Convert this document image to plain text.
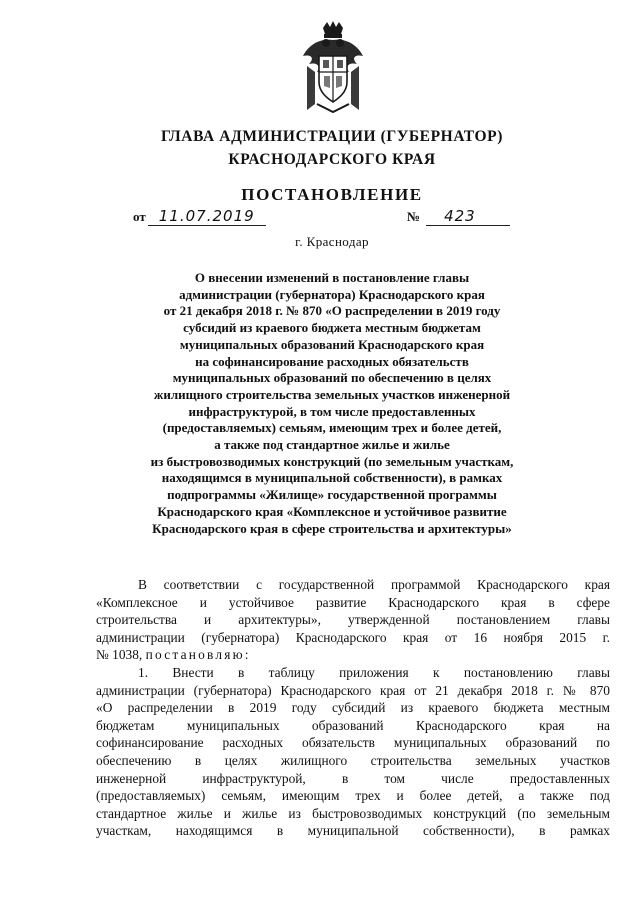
ГЛАВА АДМИНИСТРАЦИИ (ГУБЕРНАТОР)
КРАСНОДАРСКОГО КРАЯ
ПОСТАНОВЛЕНИЕ
от 11.07.2019	№ 423
г. Краснодар
О внесении изменений в постановление главы
администрации (губернатора) Краснодарского края
от 21 декабря 2018 г. № 870 «О распределении в 2019 году
субсидий из краевого бюджета местным бюджетам
муниципальных образований Краснодарского края
на софинансирование расходных обязательств
муниципальных образований по обеспечению в целях
жилищного строительства земельных участков инженерной
инфраструктурой, в том числе предоставленных
(предоставляемых) семьям, имеющим трех и более детей,
а также под стандартное жилье и жилье
из быстровозводимых конструкций (по земельным участкам,
находящимся в муниципальной собственности), в рамках
подпрограммы «Жилище» государственной программы
Краснодарского края «Комплексное и устойчивое развитие
Краснодарского края в сфере строительства и архитектуры»
В соответствии с государственной программой Краснодарского края
«Комплексное и устойчивое развитие Краснодарского края в сфере
строительства и архитектуры», утвержденной постановлением главы
администрации (губернатора) Краснодарского края от 16 ноября 2015 г.
№ 1038, постановляю:
1. Внести в таблицу приложения к постановлению главы
администрации (губернатора) Краснодарского края от 21 декабря 2018 г. № 870
«О распределении в 2019 году субсидий из краевого бюджета местным
бюджетам муниципальных образований Краснодарского края на
софинансирование расходных обязательств муниципальных образований по
обеспечению в целях жилищного строительства земельных участков
инженерной инфраструктурой, в том числе предоставленных
(предоставляемых) семьям, имеющим трех и более детей, а также под
стандартное жилье и жилье из быстровозводимых конструкций (по земельным
участкам, находящимся в муниципальной собственности), в рамках
